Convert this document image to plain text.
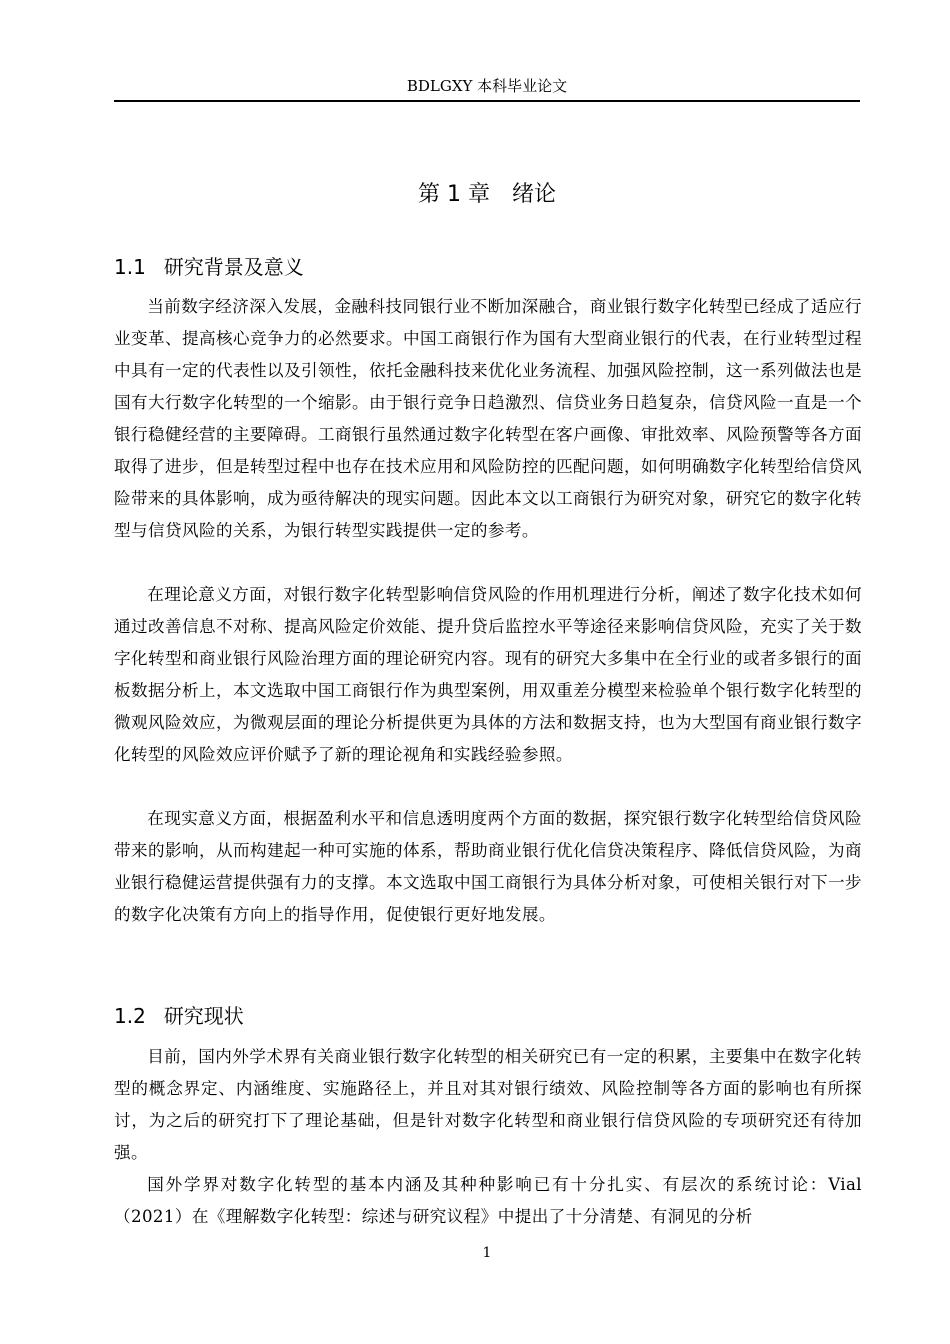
BDLGXY 本科毕业论文
第 1 章　绪论
1.1 研究背景及意义

当前数字经济深入发展，金融科技同银行业不断加深融合，商业银行数字化转型已经成了适应行业变革、提高核心竞争力的必然要求。中国工商银行作为国有大型商业银行的代表，在行业转型过程中具有一定的代表性以及引领性，依托金融科技来优化业务流程、加强风险控制，这一系列做法也是国有大行数字化转型的一个缩影。由于银行竞争日趋激烈、信贷业务日趋复杂，信贷风险一直是一个银行稳健经营的主要障碍。工商银行虽然通过数字化转型在客户画像、审批效率、风险预警等各方面取得了进步，但是转型过程中也存在技术应用和风险防控的匹配问题，如何明确数字化转型给信贷风险带来的具体影响，成为亟待解决的现实问题。因此本文以工商银行为研究对象，研究它的数字化转型与信贷风险的关系，为银行转型实践提供一定的参考。

在理论意义方面，对银行数字化转型影响信贷风险的作用机理进行分析，阐述了数字化技术如何通过改善信息不对称、提高风险定价效能、提升贷后监控水平等途径来影响信贷风险，充实了关于数字化转型和商业银行风险治理方面的理论研究内容。现有的研究大多集中在全行业的或者多银行的面板数据分析上，本文选取中国工商银行作为典型案例，用双重差分模型来检验单个银行数字化转型的微观风险效应，为微观层面的理论分析提供更为具体的方法和数据支持，也为大型国有商业银行数字化转型的风险效应评价赋予了新的理论视角和实践经验参照。

在现实意义方面，根据盈利水平和信息透明度两个方面的数据，探究银行数字化转型给信贷风险带来的影响，从而构建起一种可实施的体系，帮助商业银行优化信贷决策程序、降低信贷风险，为商业银行稳健运营提供强有力的支撑。本文选取中国工商银行为具体分析对象，可使相关银行对下一步的数字化决策有方向上的指导作用，促使银行更好地发展。

1.2 研究现状

目前，国内外学术界有关商业银行数字化转型的相关研究已有一定的积累，主要集中在数字化转型的概念界定、内涵维度、实施路径上，并且对其对银行绩效、风险控制等各方面的影响也有所探讨，为之后的研究打下了理论基础，但是针对数字化转型和商业银行信贷风险的专项研究还有待加强。

国外学界对数字化转型的基本内涵及其种种影响已有十分扎实、有层次的系统讨论：Vial（2021）在《理解数字化转型：综述与研究议程》中提出了十分清楚、有洞见的分析

1
